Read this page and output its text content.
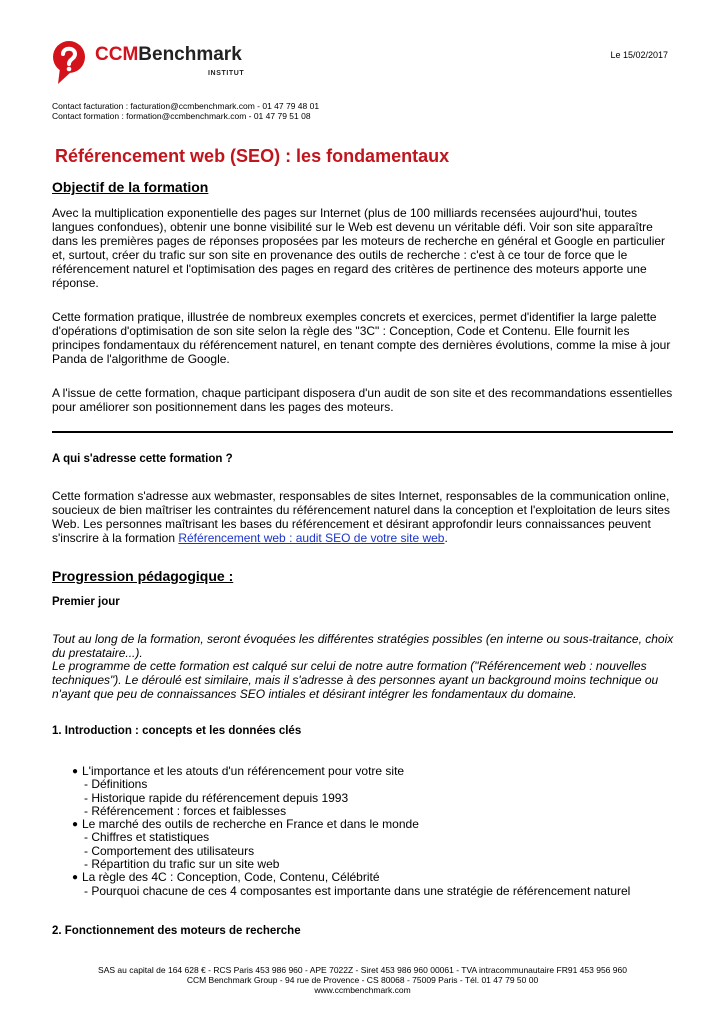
CCMBenchmark
INSTITUT
Le 15/02/2017
Contact facturation : facturation@ccmbenchmark.com - 01 47 79 48 01
Contact formation : formation@ccmbenchmark.com - 01 47 79 51 08
Référencement web (SEO) : les fondamentaux
Objectif de la formation
Avec la multiplication exponentielle des pages sur Internet (plus de 100 milliards recensées aujourd'hui, toutes langues confondues), obtenir une bonne visibilité sur le Web est devenu un véritable défi. Voir son site apparaître dans les premières pages de réponses proposées par les moteurs de recherche en général et Google en particulier et, surtout, créer du trafic sur son site en provenance des outils de recherche : c'est à ce tour de force que le référencement naturel et l'optimisation des pages en regard des critères de pertinence des moteurs apporte une réponse.
Cette formation pratique, illustrée de nombreux exemples concrets et exercices, permet d'identifier la large palette d'opérations d'optimisation de son site selon la règle des "3C" : Conception, Code et Contenu. Elle fournit les principes fondamentaux du référencement naturel, en tenant compte des dernières évolutions, comme la mise à jour Panda de l'algorithme de Google.
A l'issue de cette formation, chaque participant disposera d'un audit de son site et des recommandations essentielles pour améliorer son positionnement dans les pages des moteurs.
A qui s'adresse cette formation ?
Cette formation s'adresse aux webmaster, responsables de sites Internet, responsables de la communication online, soucieux de bien maîtriser les contraintes du référencement naturel dans la conception et l'exploitation de leurs sites Web. Les personnes maîtrisant les bases du référencement et désirant approfondir leurs connaissances peuvent s'inscrire à la formation Référencement web : audit SEO de votre site web.
Progression pédagogique :
Premier jour
Tout au long de la formation, seront évoquées les différentes stratégies possibles (en interne ou sous-traitance, choix du prestataire...).
Le programme de cette formation est calqué sur celui de notre autre formation ("Référencement web : nouvelles techniques"). Le déroulé est similaire, mais il s'adresse à des personnes ayant un background moins technique ou n'ayant que peu de connaissances SEO intiales et désirant intégrer les fondamentaux du domaine.
1. Introduction : concepts et les données clés
● L'importance et les atouts d'un référencement pour votre site
- Définitions
- Historique rapide du référencement depuis 1993
- Référencement : forces et faiblesses
● Le marché des outils de recherche en France et dans le monde
- Chiffres et statistiques
- Comportement des utilisateurs
- Répartition du trafic sur un site web
● La règle des 4C : Conception, Code, Contenu, Célébrité
- Pourquoi chacune de ces 4 composantes est importante dans une stratégie de référencement naturel
2. Fonctionnement des moteurs de recherche
SAS au capital de 164 628 € - RCS Paris 453 986 960 - APE 7022Z - Siret 453 986 960 00061 - TVA intracommunautaire FR91 453 956 960
CCM Benchmark Group - 94 rue de Provence - CS 80068 - 75009 Paris - Tél. 01 47 79 50 00
www.ccmbenchmark.com
